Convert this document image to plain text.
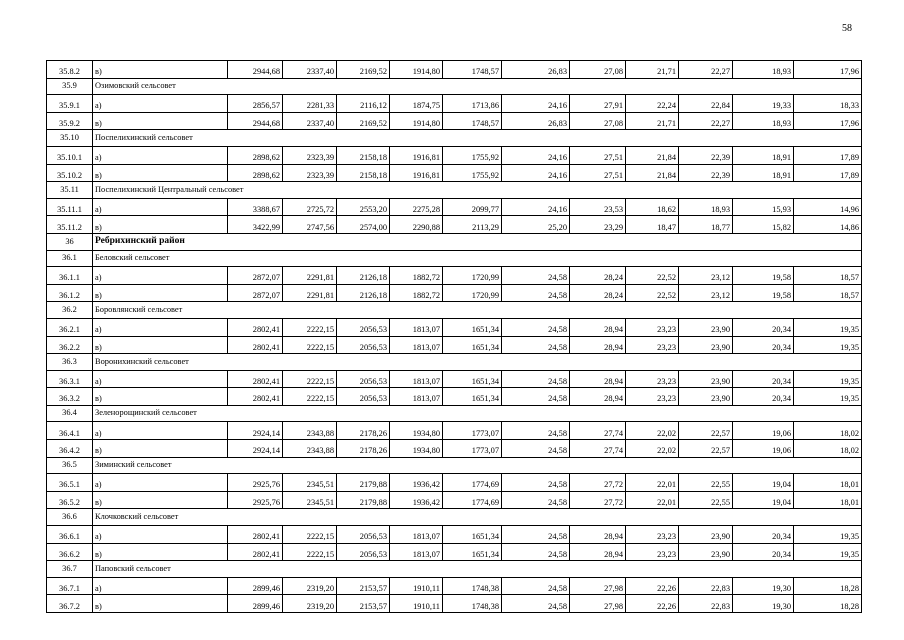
58
35.8.2	в)	2944,68	2337,40	2169,52	1914,80	1748,57	26,83	27,08	21,71	22,27	18,93	17,96
35.9	Озимовский сельсовет											
35.9.1	а)	2856,57	2281,33	2116,12	1874,75	1713,86	24,16	27,91	22,24	22,84	19,33	18,33
35.9.2	в)	2944,68	2337,40	2169,52	1914,80	1748,57	26,83	27,08	21,71	22,27	18,93	17,96
35.10	Поспелихинский сельсовет											
35.10.1	а)	2898,62	2323,39	2158,18	1916,81	1755,92	24,16	27,51	21,84	22,39	18,91	17,89
35.10.2	в)	2898,62	2323,39	2158,18	1916,81	1755,92	24,16	27,51	21,84	22,39	18,91	17,89
35.11	Поспелихинский Центральный сельсовет											
35.11.1	а)	3388,67	2725,72	2553,20	2275,28	2099,77	24,16	23,53	18,62	18,93	15,93	14,96
35.11.2	в)	3422,99	2747,56	2574,00	2290,88	2113,29	25,20	23,29	18,47	18,77	15,82	14,86
36	Ребрихинский район											
36.1	Беловский сельсовет											
36.1.1	а)	2872,07	2291,81	2126,18	1882,72	1720,99	24,58	28,24	22,52	23,12	19,58	18,57
36.1.2	в)	2872,07	2291,81	2126,18	1882,72	1720,99	24,58	28,24	22,52	23,12	19,58	18,57
36.2	Боровлянский сельсовет											
36.2.1	а)	2802,41	2222,15	2056,53	1813,07	1651,34	24,58	28,94	23,23	23,90	20,34	19,35
36.2.2	в)	2802,41	2222,15	2056,53	1813,07	1651,34	24,58	28,94	23,23	23,90	20,34	19,35
36.3	Воронихинский сельсовет											
36.3.1	а)	2802,41	2222,15	2056,53	1813,07	1651,34	24,58	28,94	23,23	23,90	20,34	19,35
36.3.2	в)	2802,41	2222,15	2056,53	1813,07	1651,34	24,58	28,94	23,23	23,90	20,34	19,35
36.4	Зеленорощинский сельсовет											
36.4.1	а)	2924,14	2343,88	2178,26	1934,80	1773,07	24,58	27,74	22,02	22,57	19,06	18,02
36.4.2	в)	2924,14	2343,88	2178,26	1934,80	1773,07	24,58	27,74	22,02	22,57	19,06	18,02
36.5	Зиминский сельсовет											
36.5.1	а)	2925,76	2345,51	2179,88	1936,42	1774,69	24,58	27,72	22,01	22,55	19,04	18,01
36.5.2	в)	2925,76	2345,51	2179,88	1936,42	1774,69	24,58	27,72	22,01	22,55	19,04	18,01
36.6	Клочковский сельсовет											
36.6.1	а)	2802,41	2222,15	2056,53	1813,07	1651,34	24,58	28,94	23,23	23,90	20,34	19,35
36.6.2	в)	2802,41	2222,15	2056,53	1813,07	1651,34	24,58	28,94	23,23	23,90	20,34	19,35
36.7	Паповский сельсовет											
36.7.1	а)	2899,46	2319,20	2153,57	1910,11	1748,38	24,58	27,98	22,26	22,83	19,30	18,28
36.7.2	в)	2899,46	2319,20	2153,57	1910,11	1748,38	24,58	27,98	22,26	22,83	19,30	18,28
